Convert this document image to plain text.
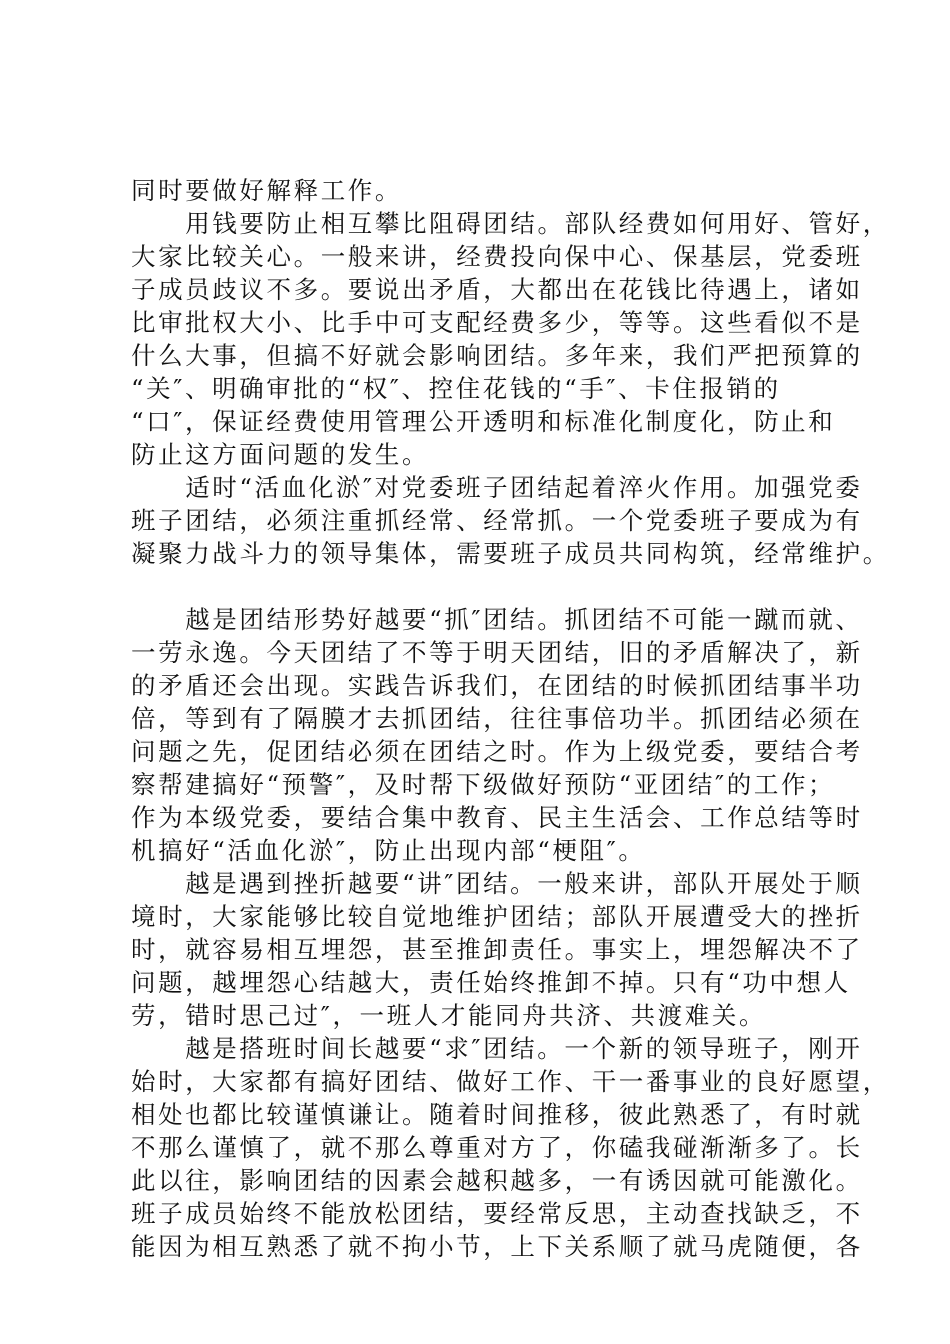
同时要做好解释工作。
　　用钱要防止相互攀比阻碍团结。部队经费如何用好、管好，
大家比较关心。一般来讲，经费投向保中心、保基层，党委班
子成员歧议不多。要说出矛盾，大都出在花钱比待遇上，诸如
比审批权大小、比手中可支配经费多少，等等。这些看似不是
什么大事，但搞不好就会影响团结。多年来，我们严把预算的
“关″、明确审批的“权″、控住花钱的“手″、卡住报销的
“口″，保证经费使用管理公开透明和标准化制度化，防止和
防止这方面问题的发生。
　　适时“活血化淤″对党委班子团结起着淬火作用。加强党委
班子团结，必须注重抓经常、经常抓。一个党委班子要成为有
凝聚力战斗力的领导集体，需要班子成员共同构筑，经常维护。
　　越是团结形势好越要“抓″团结。抓团结不可能一蹴而就、
一劳永逸。今天团结了不等于明天团结，旧的矛盾解决了，新
的矛盾还会出现。实践告诉我们，在团结的时候抓团结事半功
倍，等到有了隔膜才去抓团结，往往事倍功半。抓团结必须在
问题之先，促团结必须在团结之时。作为上级党委，要结合考
察帮建搞好“预警″，及时帮下级做好预防“亚团结″的工作；
作为本级党委，要结合集中教育、民主生活会、工作总结等时
机搞好“活血化淤″，防止出现内部“梗阻″。
　　越是遇到挫折越要“讲″团结。一般来讲，部队开展处于顺
境时，大家能够比较自觉地维护团结；部队开展遭受大的挫折
时，就容易相互埋怨，甚至推卸责任。事实上，埋怨解决不了
问题，越埋怨心结越大，责任始终推卸不掉。只有“功中想人
劳，错时思己过″，一班人才能同舟共济、共渡难关。
　　越是搭班时间长越要“求″团结。一个新的领导班子，刚开
始时，大家都有搞好团结、做好工作、干一番事业的良好愿望，
相处也都比较谨慎谦让。随着时间推移，彼此熟悉了，有时就
不那么谨慎了，就不那么尊重对方了，你磕我碰渐渐多了。长
此以往，影响团结的因素会越积越多，一有诱因就可能激化。
班子成员始终不能放松团结，要经常反思，主动查找缺乏，不
能因为相互熟悉了就不拘小节，上下关系顺了就马虎随便，各
